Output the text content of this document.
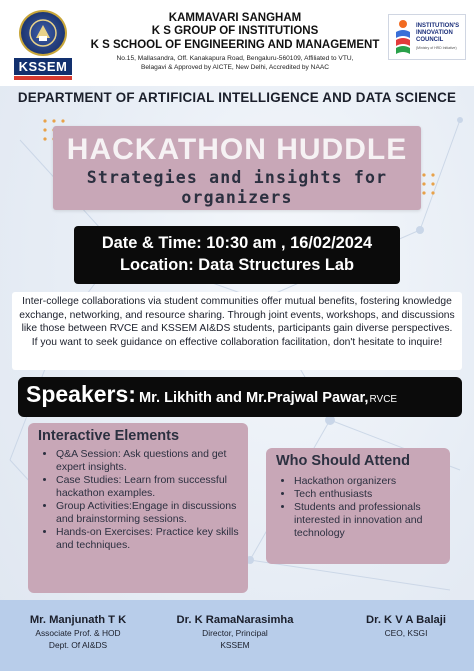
KSSEM
KAMMAVARI SANGHAM
K S GROUP OF INSTITUTIONS
K S SCHOOL OF ENGINEERING AND MANAGEMENT
No.15, Mallasandra, Off. Kanakapura Road, Bengaluru-560109, Affiliated to VTU,
Belagavi & Approved by AICTE, New Delhi, Accredited by NAAC
INSTITUTION'S
INNOVATION
COUNCIL
(Ministry of HRD Initiative)
DEPARTMENT OF ARTIFICIAL INTELLIGENCE AND DATA SCIENCE
HACKATHON HUDDLE
Strategies and insights for
organizers
Date & Time: 10:30 am , 16/02/2024
Location: Data Structures Lab
Inter-college collaborations via student communities offer mutual benefits, fostering knowledge exchange, networking, and resource sharing. Through joint events, workshops, and discussions like those between RVCE and KSSEM AI&DS students, participants gain diverse perspectives. If you want to seek guidance on effective collaboration facilitation, don't hesitate to inquire!
Speakers: Mr. Likhith and Mr.Prajwal Pawar, RVCE
Interactive Elements
• Q&A Session: Ask questions and get expert insights.
• Case Studies: Learn from successful hackathon examples.
• Group Activities:Engage in discussions and brainstorming sessions.
• Hands-on Exercises: Practice key skills and techniques.
Who Should Attend
• Hackathon organizers
• Tech enthusiasts
• Students and professionals interested in innovation and technology
Mr. Manjunath T K
Associate Prof. & HOD
Dept. Of AI&DS
Dr. K RamaNarasimha
Director, Principal
KSSEM
Dr. K V A Balaji
CEO, KSGI
